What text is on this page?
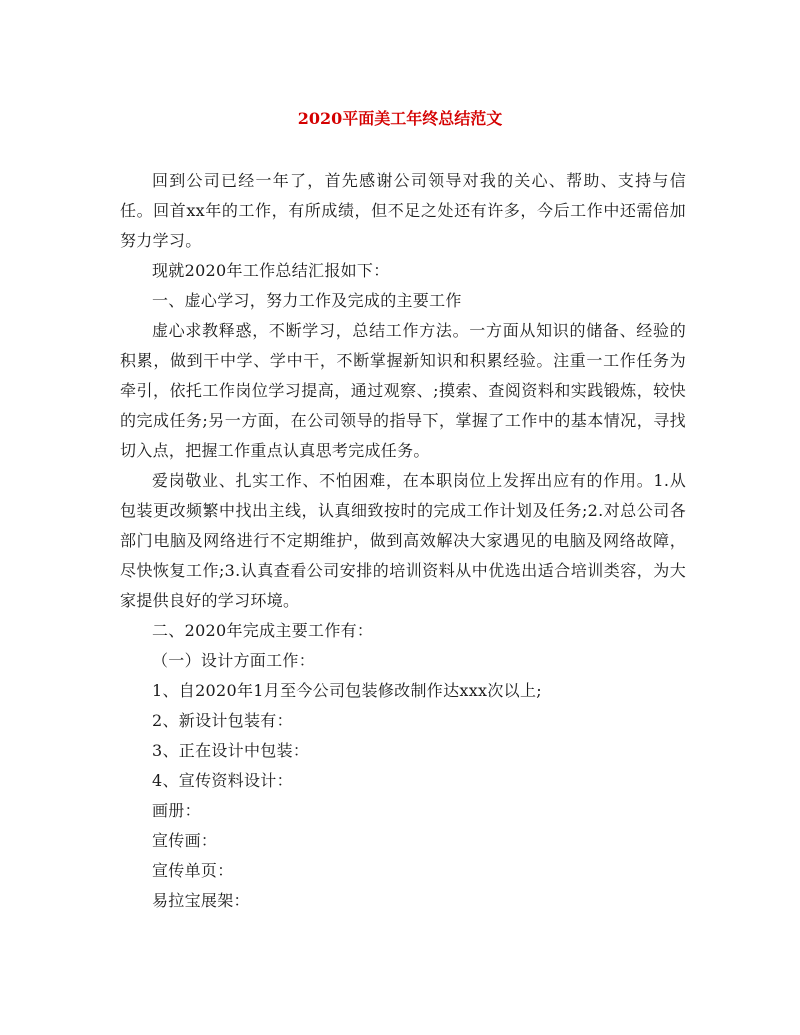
2020平面美工年终总结范文

回到公司已经一年了，首先感谢公司领导对我的关心、帮助、支持与信任。回首xx年的工作，有所成绩，但不足之处还有许多，今后工作中还需倍加努力学习。

现就2020年工作总结汇报如下：

一、虚心学习，努力工作及完成的主要工作

虚心求教释惑，不断学习，总结工作方法。一方面从知识的储备、经验的积累，做到干中学、学中干，不断掌握新知识和积累经验。注重一工作任务为牵引，依托工作岗位学习提高，通过观察、;摸索、查阅资料和实践锻炼，较快的完成任务;另一方面，在公司领导的指导下，掌握了工作中的基本情况，寻找切入点，把握工作重点认真思考完成任务。

爱岗敬业、扎实工作、不怕困难，在本职岗位上发挥出应有的作用。1.从包装更改频繁中找出主线，认真细致按时的完成工作计划及任务;2.对总公司各部门电脑及网络进行不定期维护，做到高效解决大家遇见的电脑及网络故障，尽快恢复工作;3.认真查看公司安排的培训资料从中优选出适合培训类容，为大家提供良好的学习环境。

二、2020年完成主要工作有：

（一）设计方面工作：

1、自2020年1月至今公司包装修改制作达xxx次以上;

2、新设计包装有：

3、正在设计中包装：

4、宣传资料设计：

画册：

宣传画：

宣传单页：

易拉宝展架：
